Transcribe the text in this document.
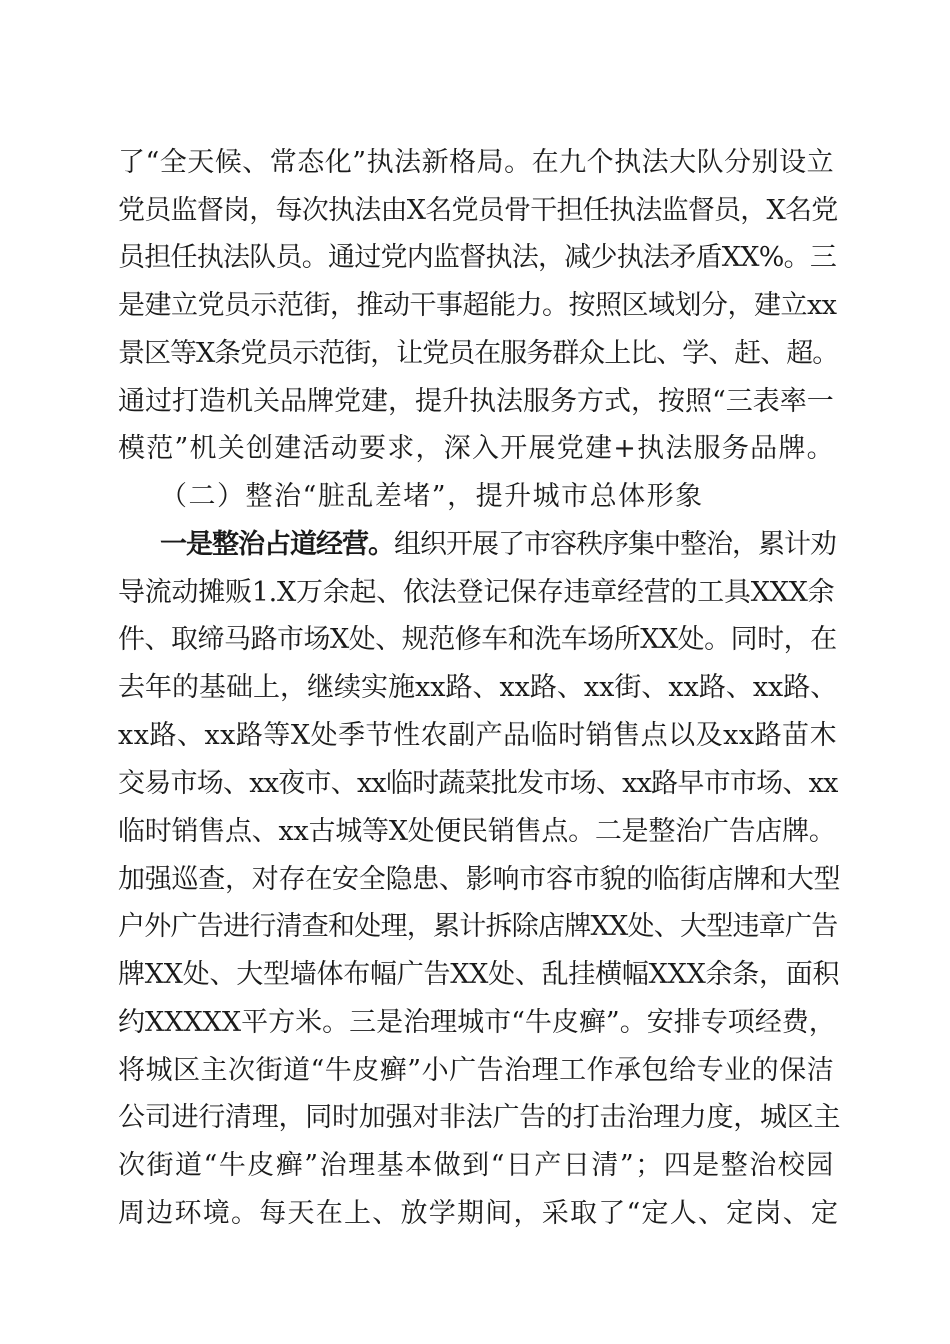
了“全天候、常态化”执法新格局。在九个执法大队分别设立
党员监督岗，每次执法由X名党员骨干担任执法监督员，X名党
员担任执法队员。通过党内监督执法，减少执法矛盾XX%。三
是建立党员示范街，推动干事超能力。按照区域划分，建立xx
景区等X条党员示范街，让党员在服务群众上比、学、赶、超。
通过打造机关品牌党建，提升执法服务方式，按照“三表率一
模范”机关创建活动要求，深入开展党建+执法服务品牌。
（二）整治“脏乱差堵”，提升城市总体形象
一是整治占道经营。组织开展了市容秩序集中整治，累计劝
导流动摊贩1.X万余起、依法登记保存违章经营的工具XXX余
件、取缔马路市场X处、规范修车和洗车场所XX处。同时，在
去年的基础上，继续实施xx路、xx路、xx街、xx路、xx路、
xx路、xx路等X处季节性农副产品临时销售点以及xx路苗木
交易市场、xx夜市、xx临时蔬菜批发市场、xx路早市市场、xx
临时销售点、xx古城等X处便民销售点。二是整治广告店牌。
加强巡查，对存在安全隐患、影响市容市貌的临街店牌和大型
户外广告进行清查和处理，累计拆除店牌XX处、大型违章广告
牌XX处、大型墙体布幅广告XX处、乱挂横幅XXX余条，面积
约XXXXX平方米。三是治理城市“牛皮癣”。安排专项经费，
将城区主次街道“牛皮癣”小广告治理工作承包给专业的保洁
公司进行清理，同时加强对非法广告的打击治理力度，城区主
次街道“牛皮癣”治理基本做到“日产日清”；四是整治校园
周边环境。每天在上、放学期间，采取了“定人、定岗、定
